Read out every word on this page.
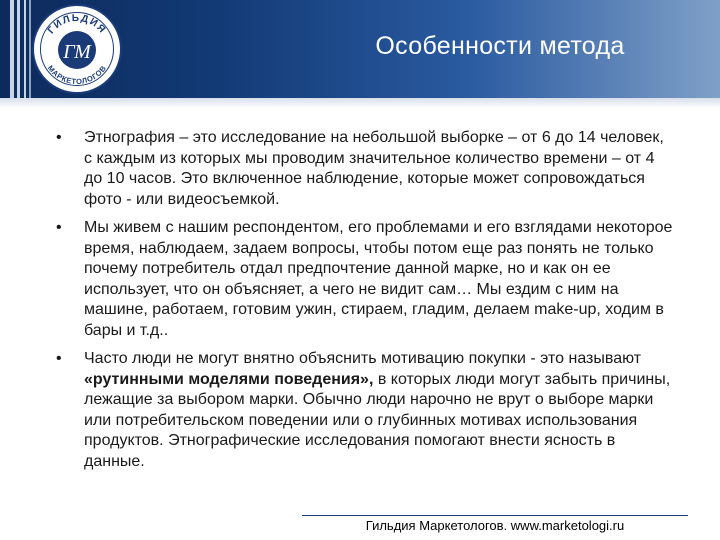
ГИЛЬДИЯ
МАРКЕТОЛОГОВ
ГМ	Особенности метода
• Этнография – это исследование на небольшой выборке – от 6 до 14 человек, с каждым из которых мы проводим значительное количество времени – от 4 до 10 часов. Это включенное наблюдение, которые может сопровождаться фото - или видеосъемкой.
• Мы живем с нашим респондентом, его проблемами и его взглядами некоторое время, наблюдаем, задаем вопросы, чтобы потом еще раз понять не только почему потребитель отдал предпочтение данной марке, но и как он ее использует, что он объясняет, а чего не видит сам… Мы ездим с ним на машине, работаем, готовим ужин, стираем, гладим, делаем make-up, ходим в бары и т.д..
• Часто люди не могут внятно объяснить мотивацию покупки - это называют «рутинными моделями поведения», в которых люди могут забыть причины, лежащие за выбором марки. Обычно люди нарочно не врут о выборе марки или потребительском поведении или о глубинных мотивах использования продуктов. Этнографические исследования помогают внести ясность в данные.
Гильдия Маркетологов. www.marketologi.ru
